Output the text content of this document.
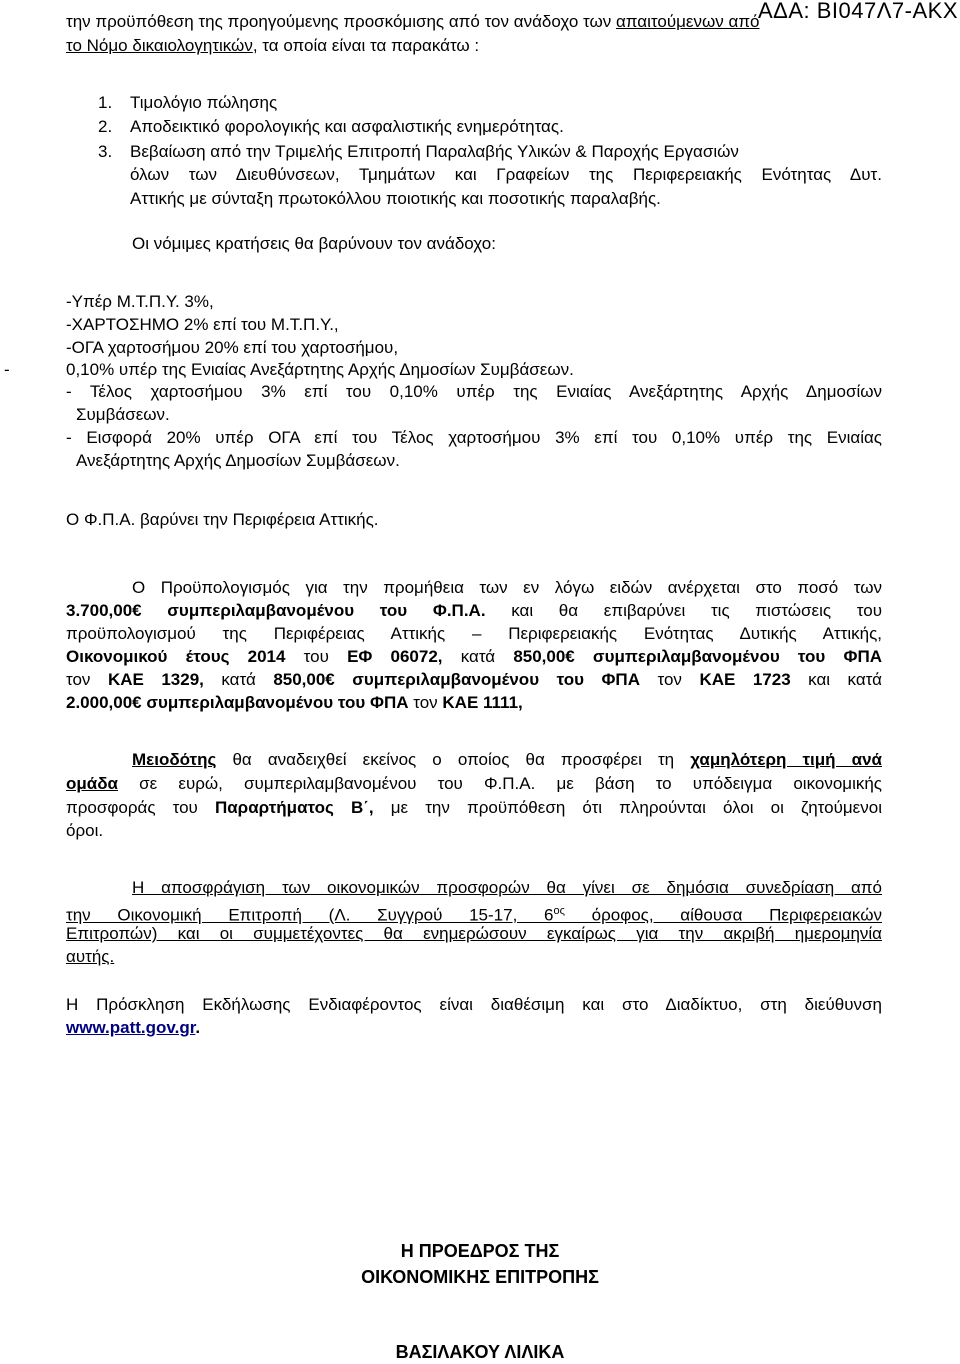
ΑΔΑ: ΒΙ047Λ7-ΑΚΧ
την προϋπόθεση της προηγούμενης προσκόμισης από τον ανάδοχο των απαιτούμενων από
το Νόμο δικαιολογητικών, τα οποία είναι τα παρακάτω :
1. Τιμολόγιο πώλησης
2. Αποδεικτικό φορολογικής και ασφαλιστικής ενημερότητας.
3. Βεβαίωση από την Τριμελής Επιτροπή Παραλαβής Υλικών & Παροχής Εργασιών
όλων των Διευθύνσεων, Τμημάτων και Γραφείων της Περιφερειακής Ενότητας Δυτ.
Αττικής με σύνταξη πρωτοκόλλου ποιοτικής και ποσοτικής παραλαβής.
Οι νόμιμες κρατήσεις θα βαρύνουν τον ανάδοχο:
-Υπέρ Μ.Τ.Π.Υ. 3%,
-ΧΑΡΤΟΣΗΜΟ 2% επί του Μ.Τ.Π.Υ.,
-ΟΓΑ χαρτοσήμου 20% επί του χαρτοσήμου,
-	0,10% υπέρ της Ενιαίας Ανεξάρτητης Αρχής Δημοσίων Συμβάσεων.
- Τέλος χαρτοσήμου 3% επί του 0,10% υπέρ της Ενιαίας Ανεξάρτητης Αρχής Δημοσίων
Συμβάσεων.
- Εισφορά 20% υπέρ ΟΓΑ επί του Τέλος χαρτοσήμου 3% επί του 0,10% υπέρ της Ενιαίας
Ανεξάρτητης Αρχής Δημοσίων Συμβάσεων.
Ο Φ.Π.Α. βαρύνει την Περιφέρεια Αττικής.
Ο Προϋπολογισμός για την προμήθεια των εν λόγω ειδών ανέρχεται στο ποσό των
3.700,00€ συμπεριλαμβανομένου του Φ.Π.Α. και θα επιβαρύνει τις πιστώσεις του
προϋπολογισμού της Περιφέρειας Αττικής – Περιφερειακής Ενότητας Δυτικής Αττικής,
Οικονομικού έτους 2014 του ΕΦ 06072, κατά 850,00€ συμπεριλαμβανομένου του ΦΠΑ
τον ΚΑΕ 1329, κατά 850,00€ συμπεριλαμβανομένου του ΦΠΑ τον ΚΑΕ 1723 και κατά
2.000,00€ συμπεριλαμβανομένου του ΦΠΑ τον ΚΑΕ 1111,
Μειοδότης θα αναδειχθεί εκείνος ο οποίος θα προσφέρει τη χαμηλότερη τιμή ανά
ομάδα σε ευρώ, συμπεριλαμβανομένου του Φ.Π.Α. με βάση το υπόδειγμα οικονομικής
προσφοράς του Παραρτήματος Β΄, με την προϋπόθεση ότι πληρούνται όλοι οι ζητούμενοι
όροι.
Η αποσφράγιση των οικονομικών προσφορών θα γίνει σε δημόσια συνεδρίαση από
την Οικονομική Επιτροπή (Λ. Συγγρού 15-17, $6^{o\varsigma}$ όροφος, αίθουσα Περιφερειακών
Επιτροπών) και οι συμμετέχοντες θα ενημερώσουν εγκαίρως για την ακριβή ημερομηνία
αυτής.
Η Πρόσκληση Εκδήλωσης Ενδιαφέροντος είναι διαθέσιμη και στο Διαδίκτυο, στη διεύθυνση
www.patt.gov.gr.
Η ΠΡΟΕΔΡΟΣ ΤΗΣ
ΟΙΚΟΝΟΜΙΚΗΣ ΕΠΙΤΡΟΠΗΣ
ΒΑΣΙΛΑΚΟΥ ΛΙΛΙΚΑ
